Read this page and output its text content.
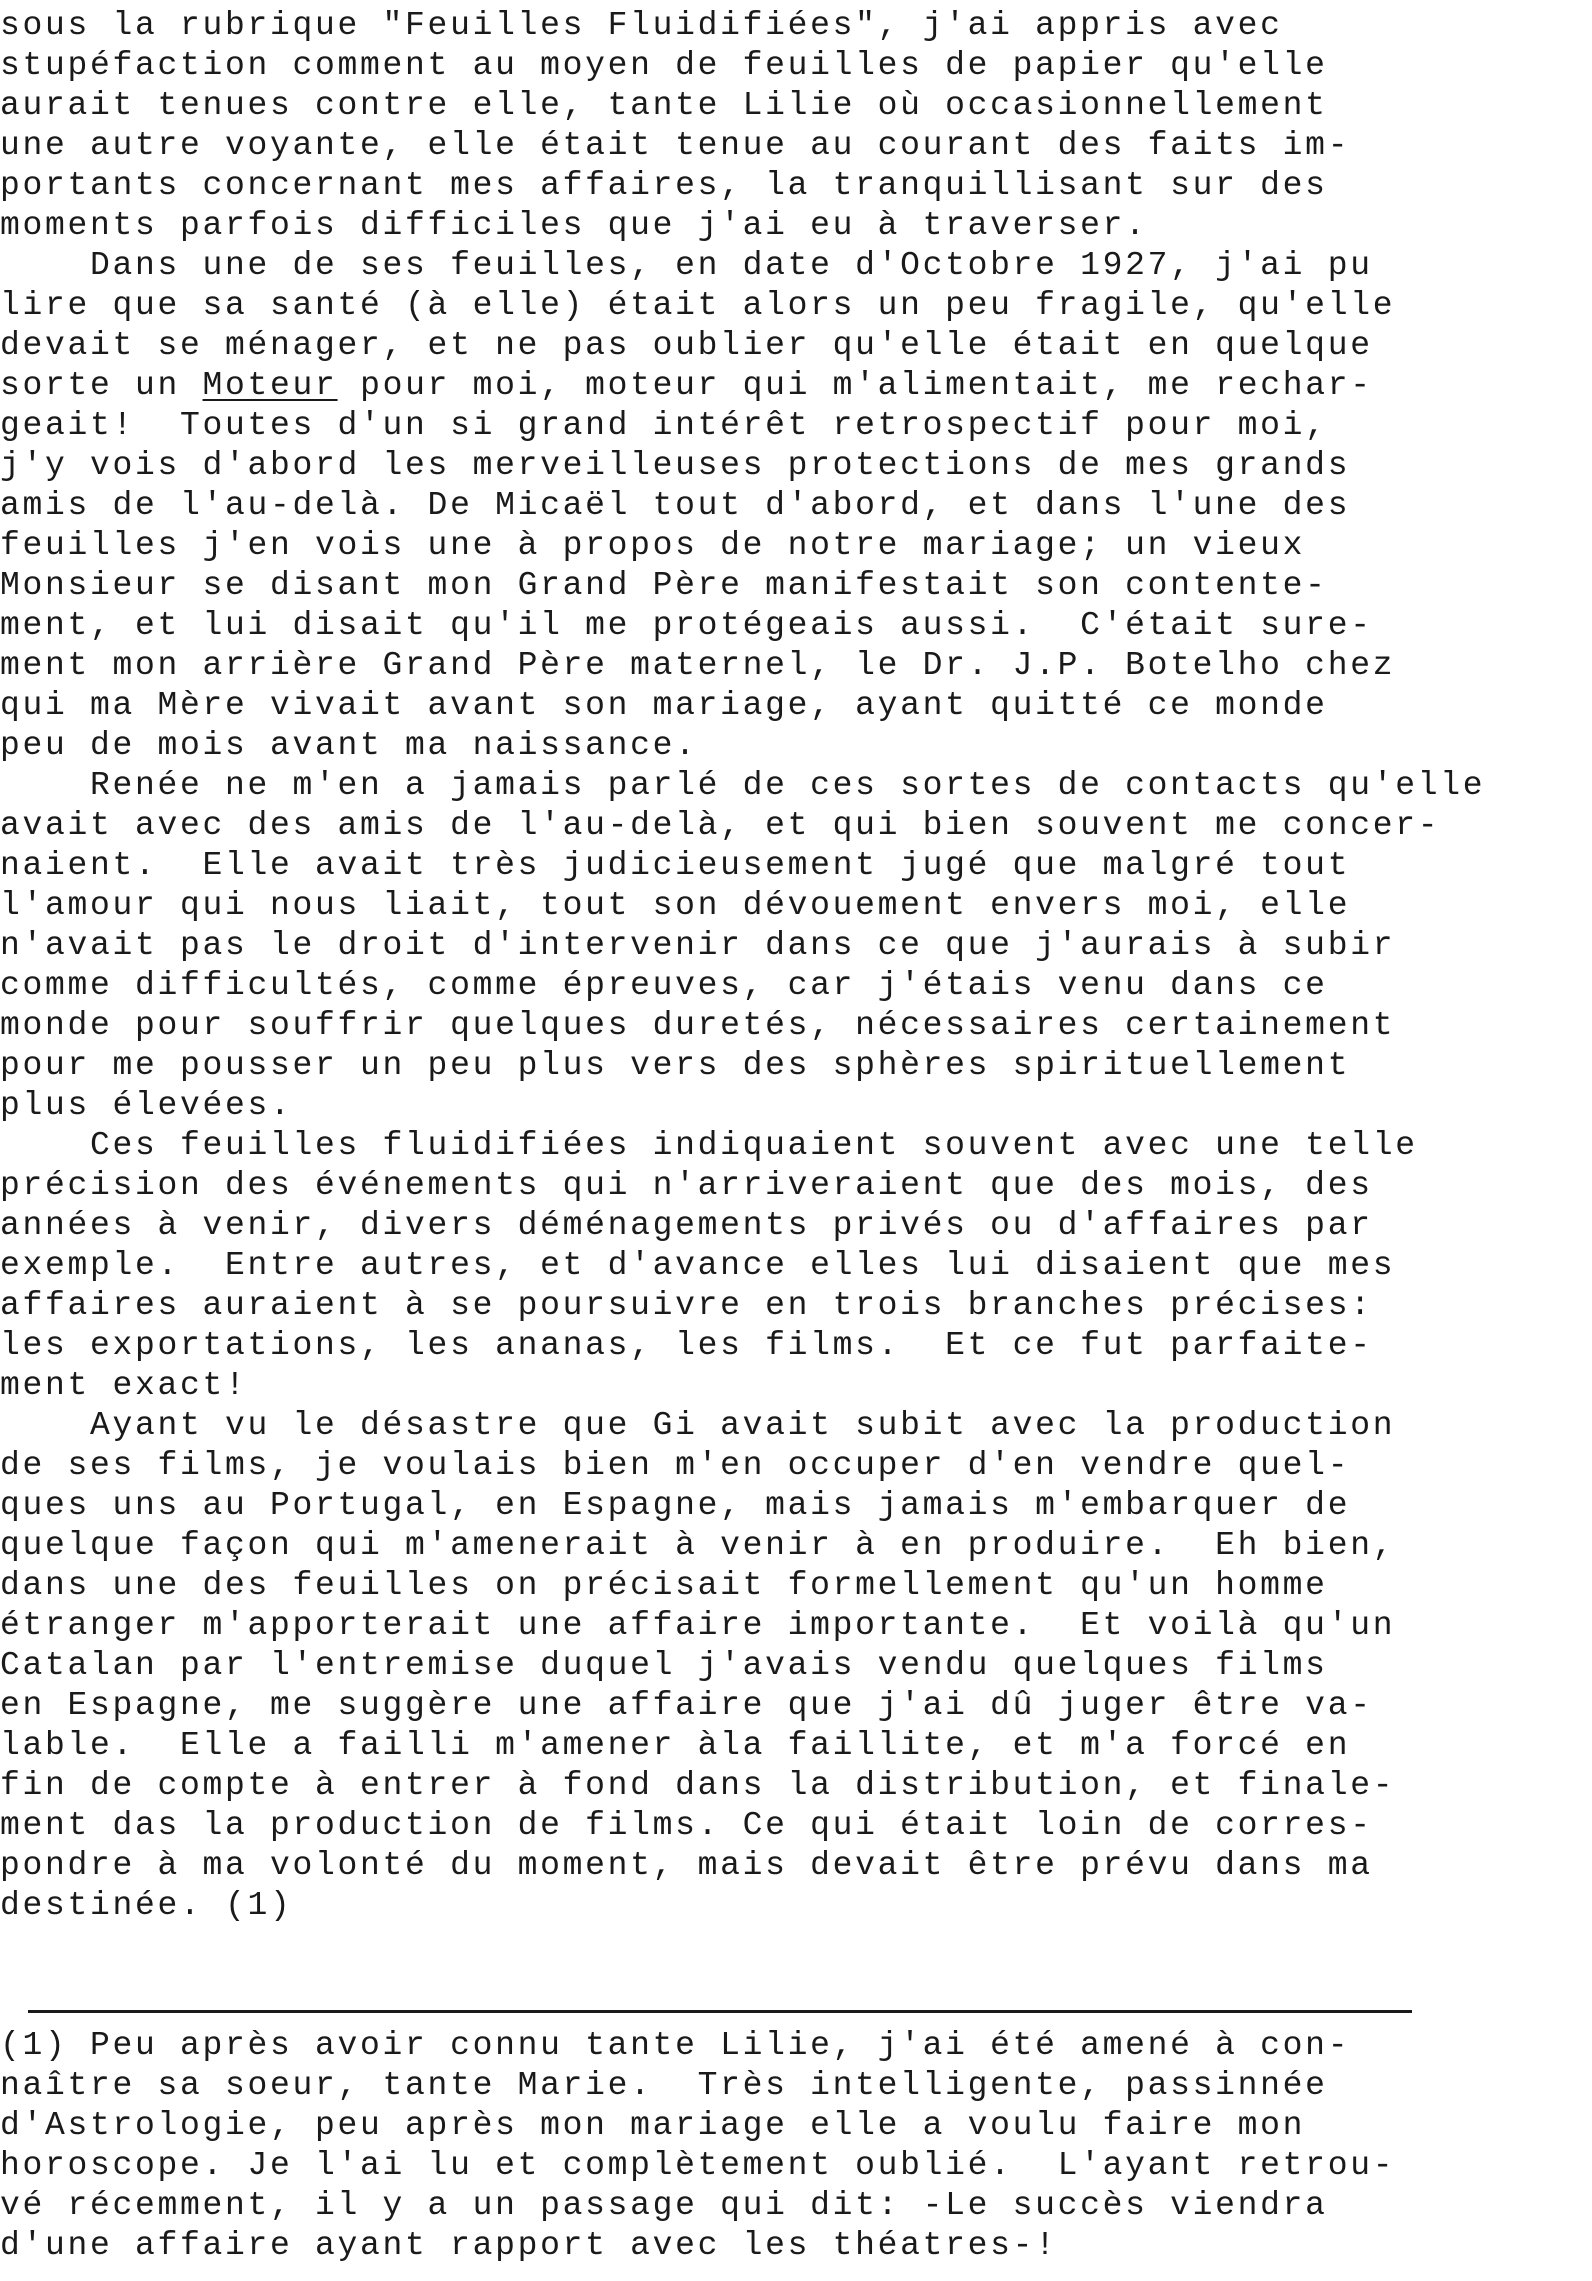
sous la rubrique "Feuilles Fluidifiées", j'ai appris avec
stupéfaction comment au moyen de feuilles de papier qu'elle
aurait tenues contre elle, tante Lilie où occasionnellement
une autre voyante, elle était tenue au courant des faits im-
portants concernant mes affaires, la tranquillisant sur des
moments parfois difficiles que j'ai eu à traverser.
Dans une de ses feuilles, en date d'Octobre 1927, j'ai pu
lire que sa santé (à elle) était alors un peu fragile, qu'elle
devait se ménager, et ne pas oublier qu'elle était en quelque
sorte un Moteur pour moi, moteur qui m'alimentait, me rechar-
geait!  Toutes d'un si grand intérêt retrospectif pour moi,
j'y vois d'abord les merveilleuses protections de mes grands
amis de l'au-delà. De Micaël tout d'abord, et dans l'une des
feuilles j'en vois une à propos de notre mariage; un vieux
Monsieur se disant mon Grand Père manifestait son contente-
ment, et lui disait qu'il me protégeais aussi.  C'était sure-
ment mon arrière Grand Père maternel, le Dr. J.P. Botelho chez
qui ma Mère vivait avant son mariage, ayant quitté ce monde
peu de mois avant ma naissance.
Renée ne m'en a jamais parlé de ces sortes de contacts qu'elle
avait avec des amis de l'au-delà, et qui bien souvent me concer-
naient.  Elle avait très judicieusement jugé que malgré tout
l'amour qui nous liait, tout son dévouement envers moi, elle
n'avait pas le droit d'intervenir dans ce que j'aurais à subir
comme difficultés, comme épreuves, car j'étais venu dans ce
monde pour souffrir quelques duretés, nécessaires certainement
pour me pousser un peu plus vers des sphères spirituellement
plus élevées.
Ces feuilles fluidifiées indiquaient souvent avec une telle
précision des événements qui n'arriveraient que des mois, des
années à venir, divers déménagements privés ou d'affaires par
exemple.  Entre autres, et d'avance elles lui disaient que mes
affaires auraient à se poursuivre en trois branches précises:
les exportations, les ananas, les films.  Et ce fut parfaite-
ment exact!
Ayant vu le désastre que Gi avait subit avec la production
de ses films, je voulais bien m'en occuper d'en vendre quel-
ques uns au Portugal, en Espagne, mais jamais m'embarquer de
quelque façon qui m'amenerait à venir à en produire.  Eh bien,
dans une des feuilles on précisait formellement qu'un homme
étranger m'apporterait une affaire importante.  Et voilà qu'un
Catalan par l'entremise duquel j'avais vendu quelques films
en Espagne, me suggère une affaire que j'ai dû juger être va-
lable.  Elle a failli m'amener àla faillite, et m'a forcé en
fin de compte à entrer à fond dans la distribution, et finale-
ment das la production de films. Ce qui était loin de corres-
pondre à ma volonté du moment, mais devait être prévu dans ma
destinée. (1)
(1) Peu après avoir connu tante Lilie, j'ai été amené à con-
naître sa soeur, tante Marie.  Très intelligente, passinnée
d'Astrologie, peu après mon mariage elle a voulu faire mon
horoscope. Je l'ai lu et complètement oublié.  L'ayant retrou-
vé récemment, il y a un passage qui dit: -Le succès viendra
d'une affaire ayant rapport avec les théatres-!
